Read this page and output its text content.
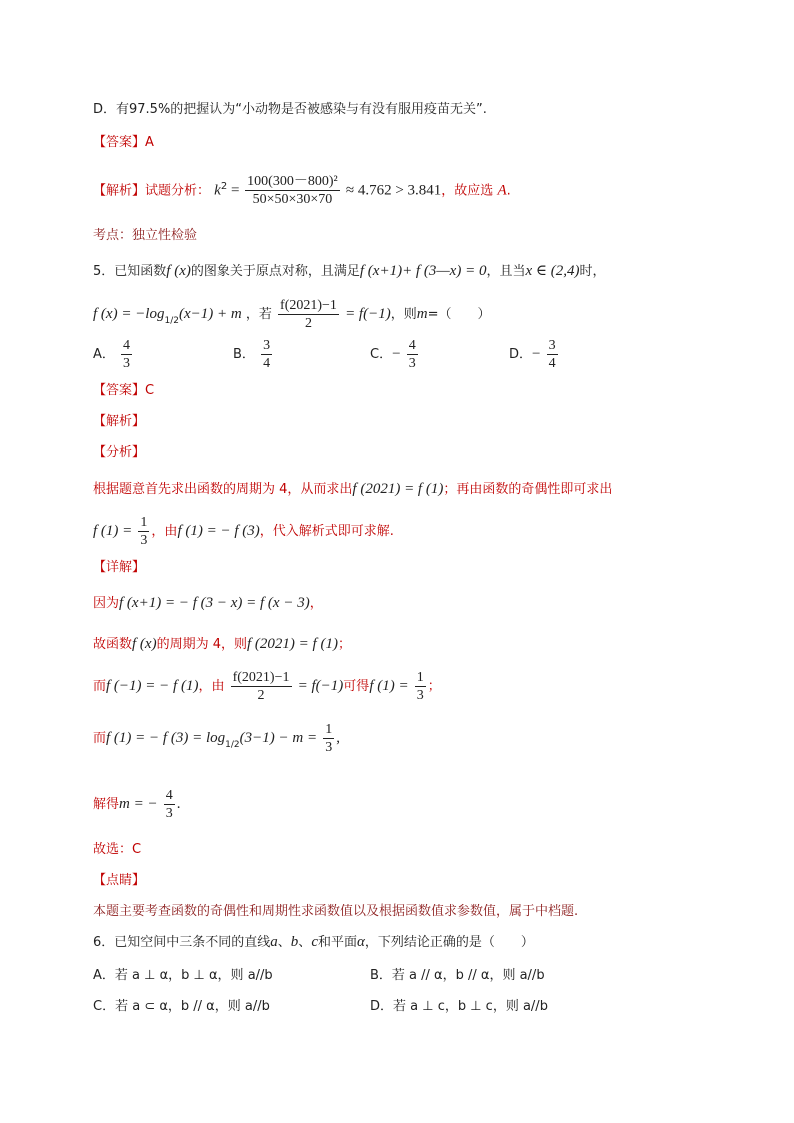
D．有97.5%的把握认为“小动物是否被感染与有没有服用疫苗无关”.
【答案】A
【解析】试题分析： $k^2 = \frac{\text{100(300－800)²}}{50\times 50\times 30\times 70} \approx 4.762 > 3.841$，故应选 A.
考点：独立性检验
5．已知函数f (x)的图象关于原点对称，且满足f (x+1)+ f (3—x) = 0，且当x ∈ (2,4)时，
f $(x) = -\log_{1/2}(x-1) + m$ ，若 $\frac{f(2021)-1}{2} = f(-1)$，则m=（　　）
A． $\frac{4}{3}$	B． $\frac{3}{4}$	C．− $\frac{4}{3}$	D．− $\frac{3}{4}$
【答案】C
【解析】
【分析】
根据题意首先求出函数的周期为 4，从而求出f (2021) = f (1)；再由函数的奇偶性即可求出
f $(1) = \frac{1}{3}$ ，由f (1) = − f (3)，代入解析式即可求解.
【详解】
因为f (x+1) = − f (3 − x) = f (x − 3)，
故函数f (x)的周期为 4，则f (2021) = f (1)；
而f (−1) = − f (1)，由 $\frac{f(2021)-1}{2} = f(-1)$可得f $(1) = \frac{1}{3}$ ；
而f (1) = − f $(3) = \log_{1/2}(3-1) - m = \frac{1}{3}$ ,
解得m = − $\frac{4}{3}$ .
故选：C
【点睛】
本题主要考查函数的奇偶性和周期性求函数值以及根据函数值求参数值，属于中档题.
6．已知空间中三条不同的直线a、b、c和平面α，下列结论正确的是（　　）
A．若 a ⊥ α，b ⊥ α，则 a//b	B．若 a // α，b // α，则 a//b
C．若 a ⊂ α，b // α，则 a//b	D．若 a ⊥ c，b ⊥ c，则 a//b
